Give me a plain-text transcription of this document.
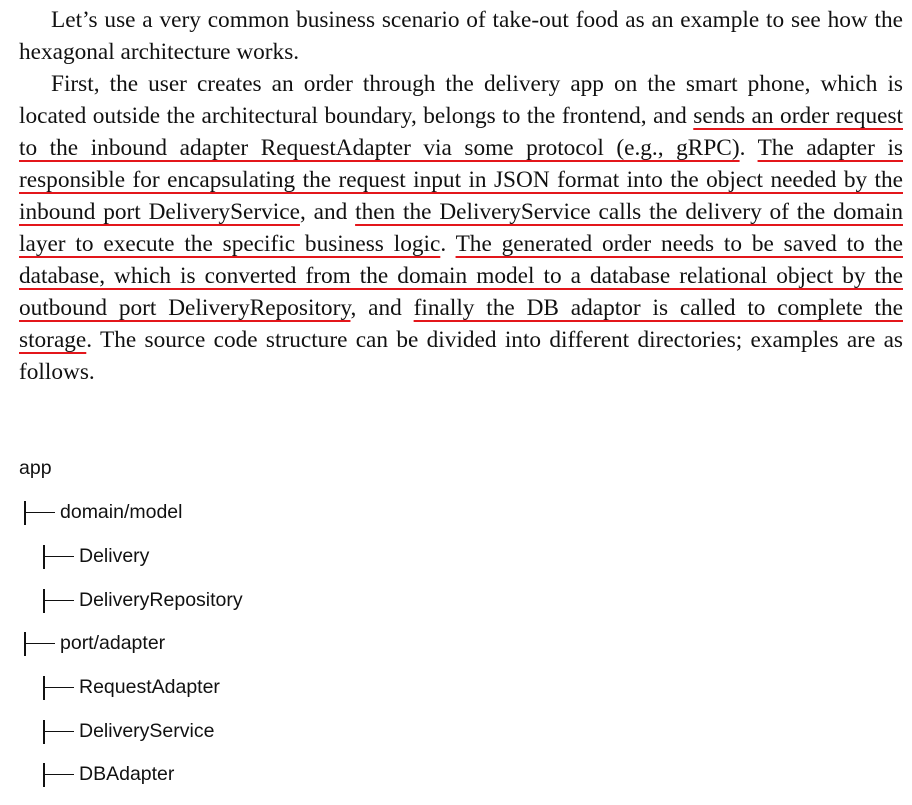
Let’s use a very common business scenario of take-out food as an example to see how the hexagonal architecture works.

First, the user creates an order through the delivery app on the smart phone, which is located outside the architectural boundary, belongs to the frontend, and sends an order request to the inbound adapter RequestAdapter via some protocol (e.g., gRPC). The adapter is responsible for encapsulating the request input in JSON format into the object needed by the inbound port DeliveryService, and then the DeliveryService calls the delivery of the domain layer to execute the specific business logic. The generated order needs to be saved to the database, which is converted from the domain model to a database relational object by the outbound port DeliveryRepository, and finally the DB adaptor is called to complete the storage. The source code structure can be divided into different directories; examples are as follows.

app
domain/model
Delivery
DeliveryRepository
port/adapter
RequestAdapter
DeliveryService
DBAdapter
